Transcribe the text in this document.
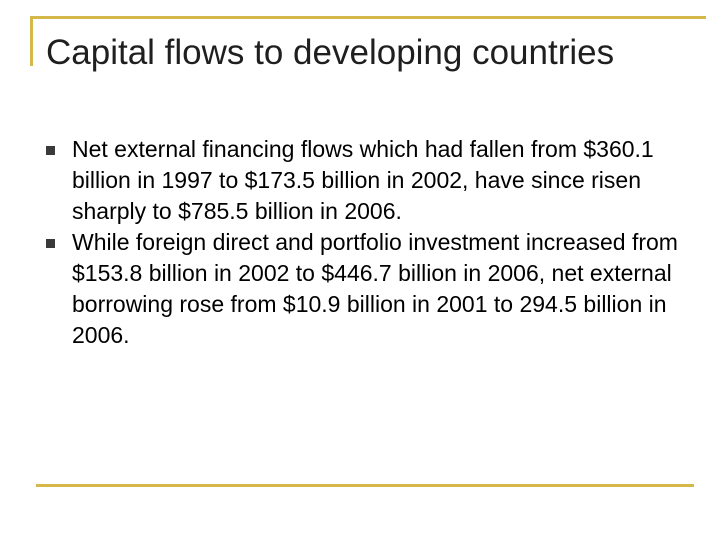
Capital flows to developing countries
Net external financing flows which had fallen from $360.1 billion in 1997 to $173.5 billion in 2002, have since risen sharply to $785.5 billion in 2006.
While foreign direct and portfolio investment increased from $153.8 billion in 2002 to $446.7 billion in 2006, net external borrowing rose from $10.9 billion in 2001 to 294.5 billion in 2006.
